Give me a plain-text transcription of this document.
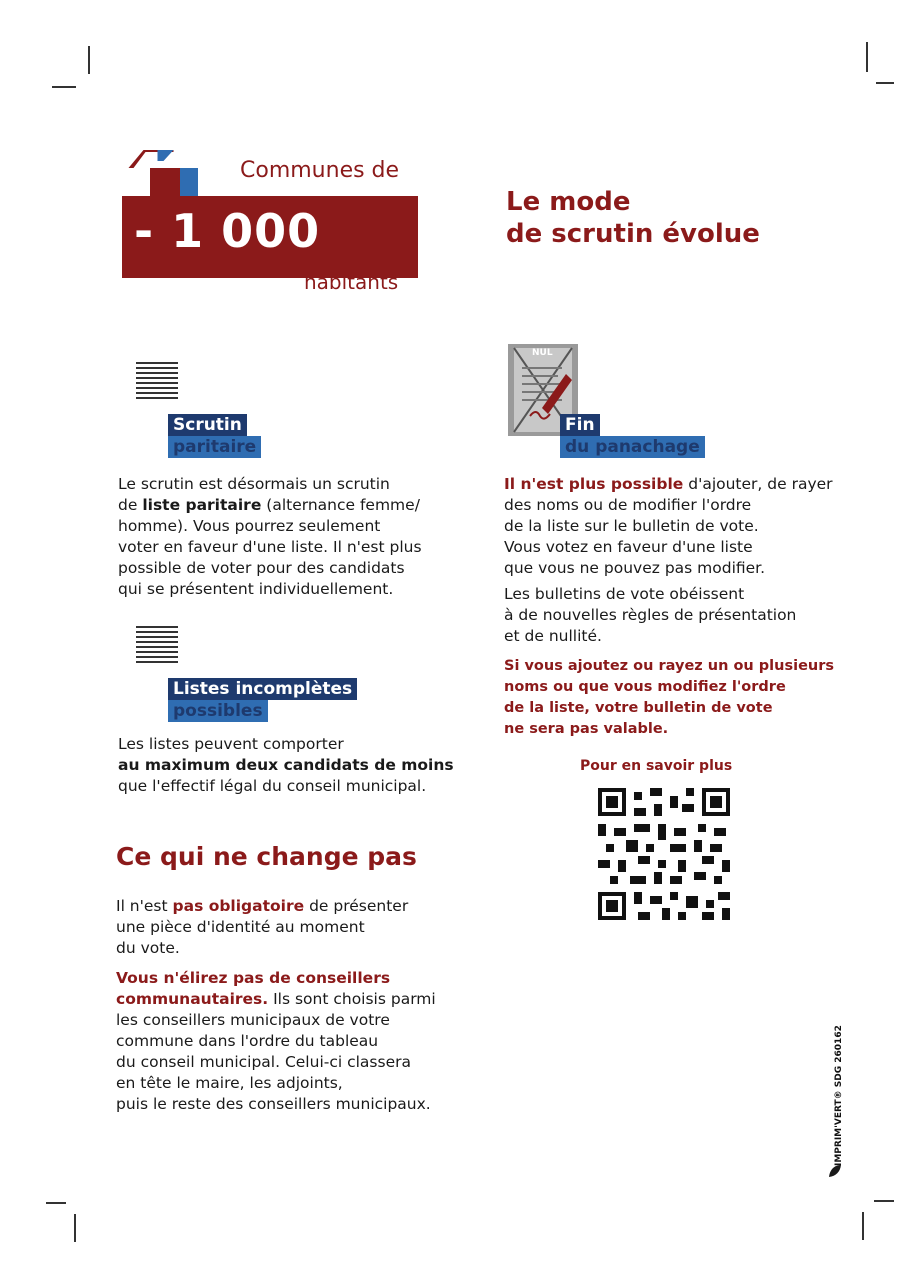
- 1 000
Communes de
habitants
Le mode
de scrutin évolue
Scrutin
paritaire
Le scrutin est désormais un scrutin
de liste paritaire (alternance femme/
homme). Vous pourrez seulement
voter en faveur d'une liste. Il n'est plus
possible de voter pour des candidats
qui se présentent individuellement.
Listes incomplètes
possibles
Les listes peuvent comporter
au maximum deux candidats de moins
que l'effectif légal du conseil municipal.
Ce qui ne change pas
Il n'est pas obligatoire de présenter
une pièce d'identité au moment
du vote.
Vous n'élirez pas de conseillers
communautaires. Ils sont choisis parmi
les conseillers municipaux de votre
commune dans l'ordre du tableau
du conseil municipal. Celui-ci classera
en tête le maire, les adjoints,
puis le reste des conseillers municipaux.
NUL
Fin
du panachage
Il n'est plus possible d'ajouter, de rayer
des noms ou de modifier l'ordre
de la liste sur le bulletin de vote.
Vous votez en faveur d'une liste
que vous ne pouvez pas modifier.
Les bulletins de vote obéissent
à de nouvelles règles de présentation
et de nullité.
Si vous ajoutez ou rayez un ou plusieurs
noms ou que vous modifiez l'ordre
de la liste, votre bulletin de vote
ne sera pas valable.
Pour en savoir plus
IMPRIM'VERT® SDG 260162
